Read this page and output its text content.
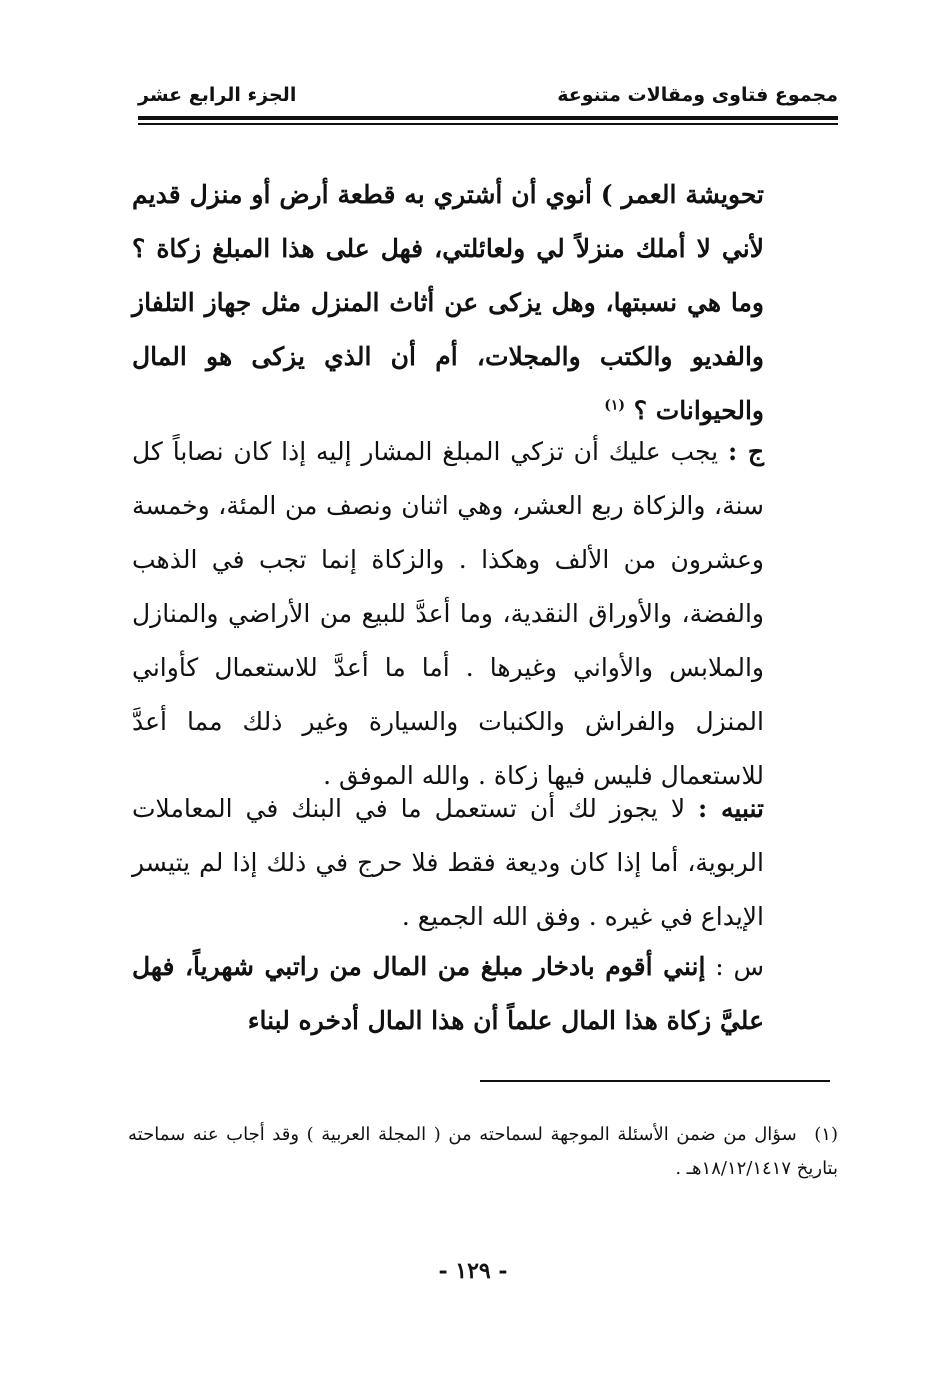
مجموع فتاوى ومقالات متنوعة
الجزء الرابع عشر
تحويشة العمر ) أنوي أن أشتري به قطعة أرض أو منزل قديم لأني لا أملك منزلاً لي ولعائلتي، فهل على هذا المبلغ زكاة ؟ وما هي نسبتها، وهل يزكى عن أثاث المنزل مثل جهاز التلفاز والفديو والكتب والمجلات، أم أن الذي يزكى هو المال والحيوانات ؟ $^{(١)}$
ج : يجب عليك أن تزكي المبلغ المشار إليه إذا كان نصاباً كل سنة، والزكاة ربع العشر، وهي اثنان ونصف من المئة، وخمسة وعشرون من الألف وهكذا . والزكاة إنما تجب في الذهب والفضة، والأوراق النقدية، وما أعدَّ للبيع من الأراضي والمنازل والملابس والأواني وغيرها . أما ما أعدَّ للاستعمال كأواني المنزل والفراش والكنبات والسيارة وغير ذلك مما أعدَّ للاستعمال فليس فيها زكاة . والله الموفق .
تنبيه : لا يجوز لك أن تستعمل ما في البنك في المعاملات الربوية، أما إذا كان وديعة فقط فلا حرج في ذلك إذا لم يتيسر الإيداع في غيره . وفق الله الجميع .
س : إنني أقوم بادخار مبلغ من المال من راتبي شهرياً، فهل عليَّ زكاة هذا المال علماً أن هذا المال أدخره لبناء
(١) سؤال من ضمن الأسئلة الموجهة لسماحته من ( المجلة العربية ) وقد أجاب عنه سماحته بتاريخ ١٨/١٢/١٤١٧هـ .
- ١٢٩ -
